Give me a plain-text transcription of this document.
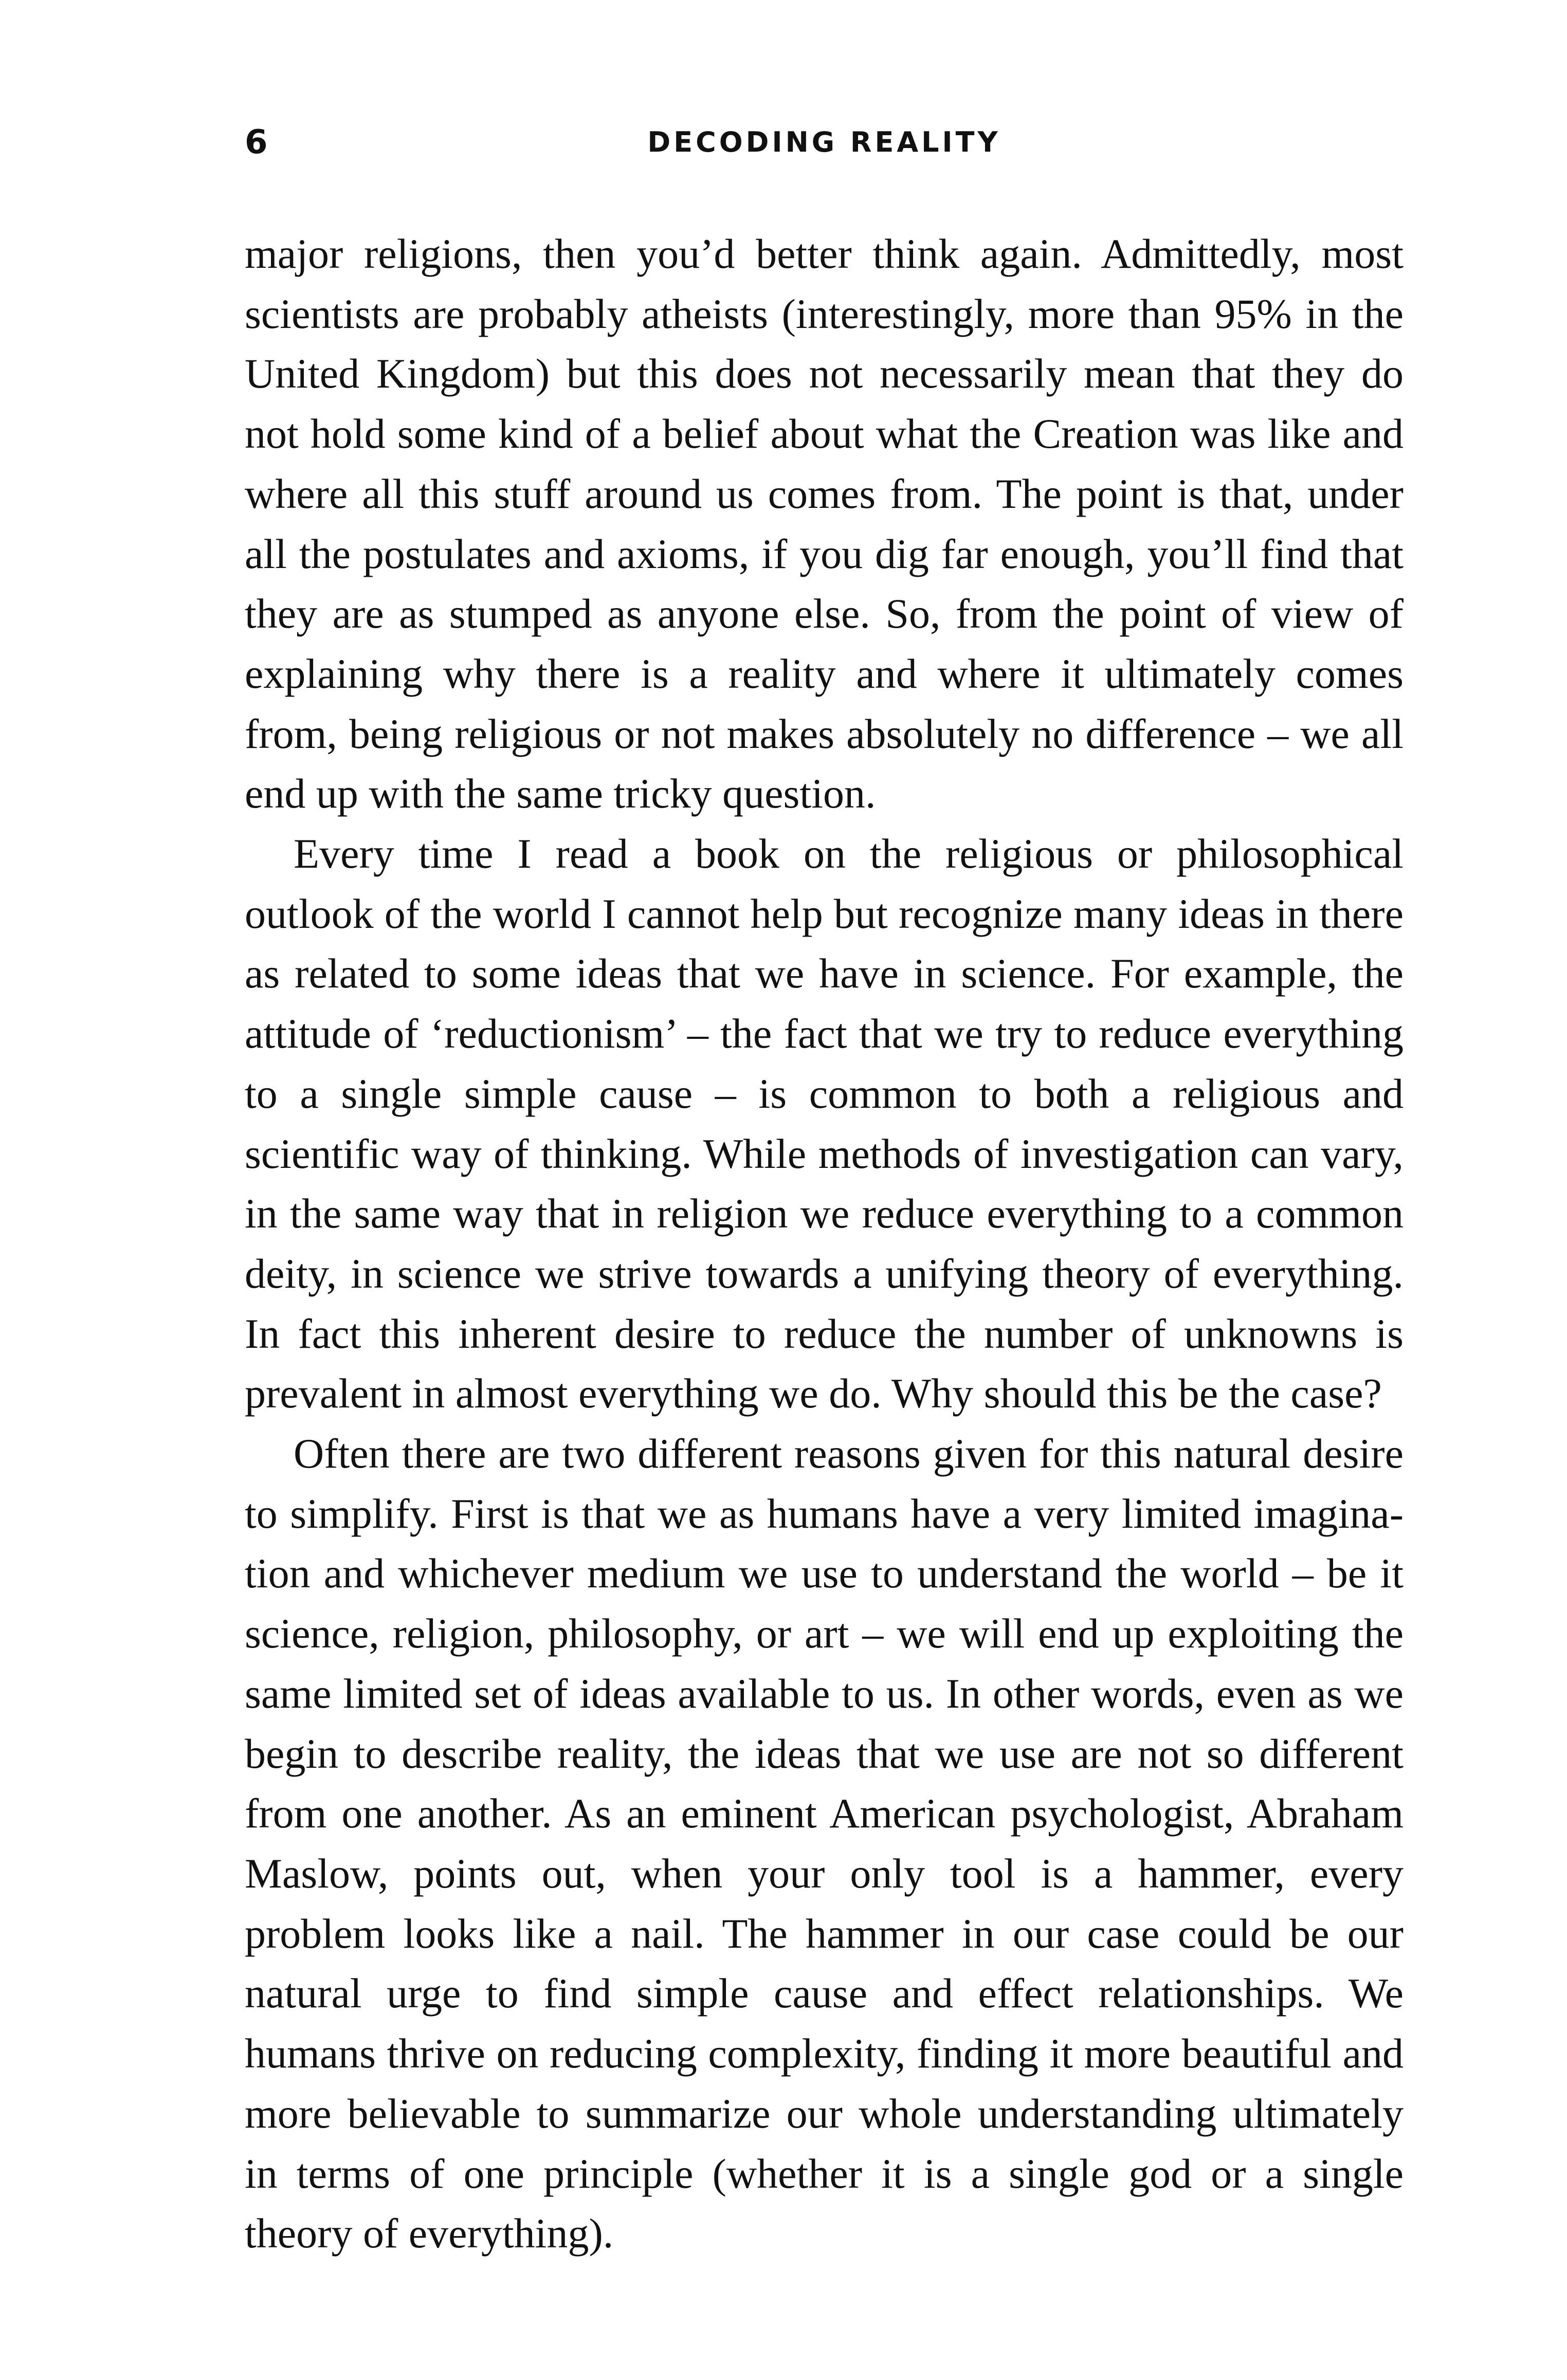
6	DECODING REALITY

major religions, then you’d better think again. Admittedly, most scientists are probably atheists (interestingly, more than 95% in the United Kingdom) but this does not necessarily mean that they do not hold some kind of a belief about what the Creation was like and where all this stuff around us comes from. The point is that, under all the postulates and axioms, if you dig far enough, you’ll find that they are as stumped as anyone else. So, from the point of view of explaining why there is a reality and where it ultimately comes from, being religious or not makes absolutely no difference – we all end up with the same tricky question.

Every time I read a book on the religious or philosophical outlook of the world I cannot help but recognize many ideas in there as related to some ideas that we have in science. For example, the attitude of ‘reductionism’ – the fact that we try to reduce everything to a single simple cause – is common to both a religious and scientific way of thinking. While methods of investigation can vary, in the same way that in religion we reduce everything to a common deity, in science we strive towards a unifying theory of everything. In fact this inherent desire to reduce the number of unknowns is prevalent in almost everything we do. Why should this be the case?

Often there are two different reasons given for this natural desire to simplify. First is that we as humans have a very limited imagination and whichever medium we use to understand the world – be it science, religion, philosophy, or art – we will end up exploiting the same limited set of ideas available to us. In other words, even as we begin to describe reality, the ideas that we use are not so different from one another. As an eminent American psychologist, Abraham Maslow, points out, when your only tool is a hammer, every problem looks like a nail. The hammer in our case could be our natural urge to find simple cause and effect relationships. We humans thrive on reducing complexity, finding it more beautiful and more believable to summarize our whole understanding ultimately in terms of one principle (whether it is a single god or a single theory of everything).
